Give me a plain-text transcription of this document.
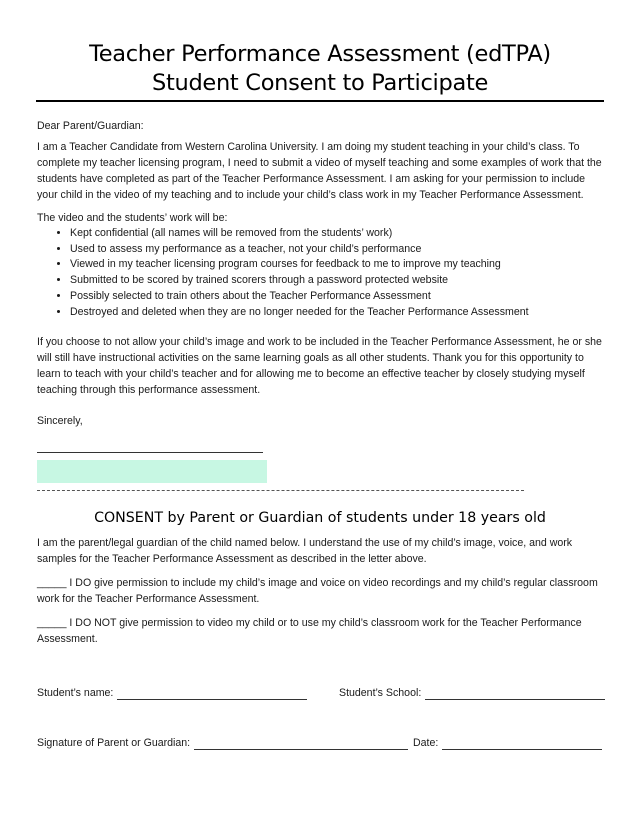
Teacher Performance Assessment (edTPA)
Student Consent to Participate

Dear Parent/Guardian:

I am a Teacher Candidate from Western Carolina University. I am doing my student teaching in your child’s class. To complete my teacher licensing program, I need to submit a video of myself teaching and some examples of work that the students have completed as part of the Teacher Performance Assessment. I am asking for your permission to include your child in the video of my teaching and to include your child’s class work in my Teacher Performance Assessment.

The video and the students’ work will be:

• Kept confidential (all names will be removed from the students’ work)
• Used to assess my performance as a teacher, not your child’s performance
• Viewed in my teacher licensing program courses for feedback to me to improve my teaching
• Submitted to be scored by trained scorers through a password protected website
• Possibly selected to train others about the Teacher Performance Assessment
• Destroyed and deleted when they are no longer needed for the Teacher Performance Assessment

If you choose to not allow your child’s image and work to be included in the Teacher Performance Assessment, he or she will still have instructional activities on the same learning goals as all other students. Thank you for this opportunity to learn to teach with your child’s teacher and for allowing me to become an effective teacher by closely studying myself teaching through this performance assessment.

Sincerely,

CONSENT by Parent or Guardian of students under 18 years old

I am the parent/legal guardian of the child named below. I understand the use of my child’s image, voice, and work samples for the Teacher Performance Assessment as described in the letter above.

_____ I DO give permission to include my child’s image and voice on video recordings and my child’s regular classroom work for the Teacher Performance Assessment.

_____ I DO NOT give permission to video my child or to use my child’s classroom work for the Teacher Performance Assessment.

Student’s name:	Student’s School:
Signature of Parent or Guardian:	Date:
